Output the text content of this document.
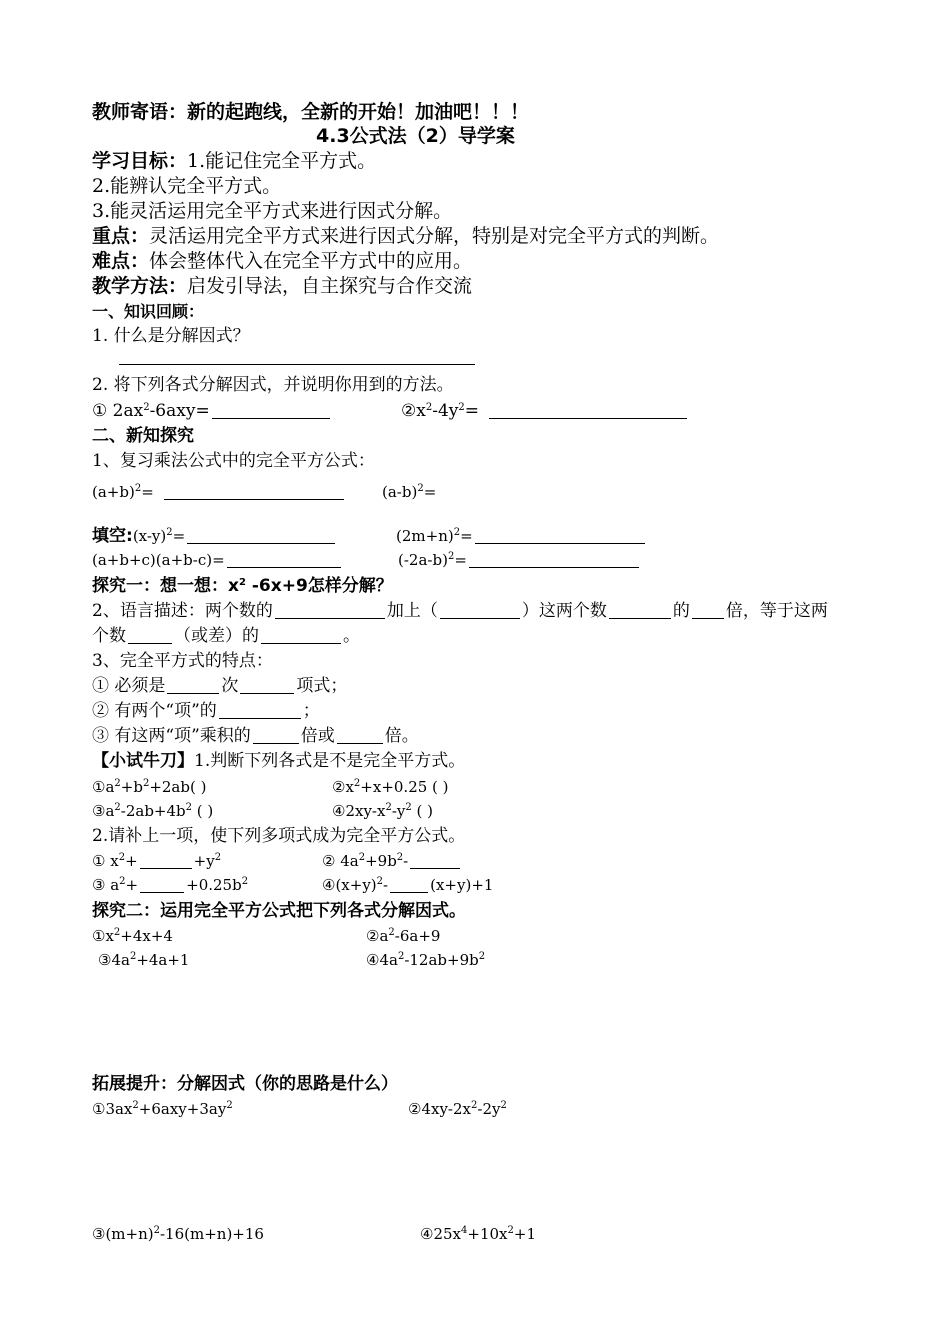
教师寄语：新的起跑线，全新的开始！加油吧！！！
4.3公式法（2）导学案
学习目标：1.能记住完全平方式。
2.能辨认完全平方式。
3.能灵活运用完全平方式来进行因式分解。
重点：灵活运用完全平方式来进行因式分解，特别是对完全平方式的判断。
难点：体会整体代入在完全平方式中的应用。
教学方法：启发引导法，自主探究与合作交流
一、知识回顾：
1. 什么是分解因式？
2. 将下列各式分解因式，并说明你用到的方法。
① $2ax^2-6axy=$	$②x^2-4y^2=$
二、新知探究
1、复习乘法公式中的完全平方公式：
$(a+b)^2=$	$(a-b)^2=$
填空$:(x-y)^2=$	$(2m+n)^2=$
(a+b+c)(a+b-c)=	$(-2a-b)^2=$
探究一：想一想：$x^2$ -6x+9怎样分解？
2、语言描述：两个数的	加上（	）这两个数	的 倍，等于这两
个数	（或差）的	。
3、完全平方式的特点：
① 必须是	次	项式；
② 有两个“项”的	；
③ 有这两“项”乘积的	倍或	倍。
【小试牛刀】1.判断下列各式是不是完全平方式。
$①a^2+b^2+2ab$( )	$②x^2+x+0.25$ ( )
$③a^2-2ab+4b^2$ ( )	$④2xy-x^2-y^2$ ( )
2.请补上一项，使下列多项式成为完全平方公式。
① $x^2+$	$+y^2$	② $4a^2+9b^2-$
③ $a^2+$	$+0.25b^2$	$④(x+y)^2-$	(x+y)+1
探究二：运用完全平方公式把下列各式分解因式。
$①x^2+4x+4$	$②a^2-6a+9$
$③4a^2+4a+1$	$④4a^2-12ab+9b^2$
拓展提升：分解因式（你的思路是什么）
$①3ax^2+6axy+3ay^2$	$②4xy-2x^2-2y^2$
$③(m+n)^2-16(m+n)+16$	$④25x^4+10x^2+1$
